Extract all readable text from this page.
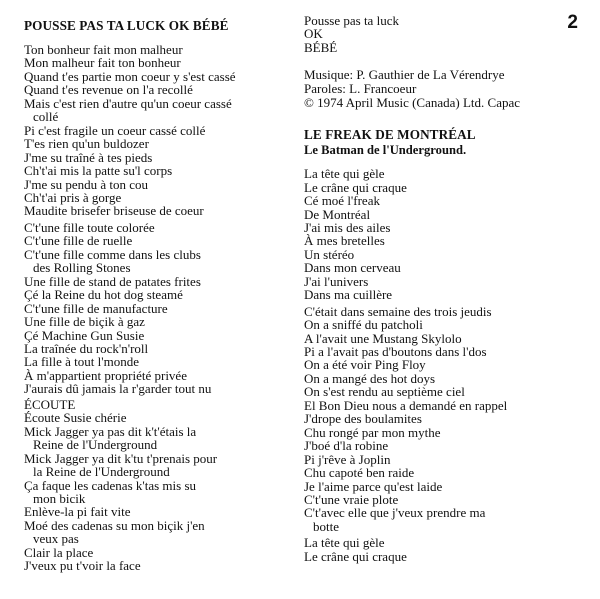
2
POUSSE PAS TA LUCK OK BÉBÉ
Ton bonheur fait mon malheur
Mon malheur fait ton bonheur
Quand t'es partie mon coeur y s'est cassé
Quand t'es revenue on l'a recollé
Mais c'est rien d'autre qu'un coeur cassé
collé
Pi c'est fragile un coeur cassé collé
T'es rien qu'un buldozer
J'me su traîné à tes pieds
Ch't'ai mis la patte su'l corps
J'me su pendu à ton cou
Ch't'ai pris à gorge
Maudite brisefer briseuse de coeur
C't'une fille toute colorée
C't'une fille de ruelle
C't'une fille comme dans les clubs
des Rolling Stones
Une fille de stand de patates frites
Çé la Reine du hot dog steamé
C't'une fille de manufacture
Une fille de biçik à gaz
Çé Machine Gun Susie
La traînée du rock'n'roll
La fille à tout l'monde
À m'appartient propriété privée
J'aurais dû jamais la r'garder tout nu
ÉCOUTE
Écoute Susie chérie
Mick Jagger ya pas dit k't'étais la
Reine de l'Underground
Mick Jagger ya dit k'tu t'prenais pour
la Reine de l'Underground
Ça faque les cadenas k'tas mis su
mon bicik
Enlève-la pi fait vite
Moé des cadenas su mon biçik j'en
veux pas
Clair la place
J'veux pu t'voir la face
Pousse pas ta luck
OK
BÉBÉ
Musique: P. Gauthier de La Vérendrye
Paroles: L. Francoeur
© 1974 April Music (Canada) Ltd. Capac
LE FREAK DE MONTRÉAL
Le Batman de l'Underground.
La tête qui gèle
Le crâne qui craque
Cé moé l'freak
De Montréal
J'ai mis des ailes
À mes bretelles
Un stéréo
Dans mon cerveau
J'ai l'univers
Dans ma cuillère
C'était dans semaine des trois jeudis
On a sniffé du patcholi
A l'avait une Mustang Skylolo
Pi a l'avait pas d'boutons dans l'dos
On a été voir Ping Floy
On a mangé des hot doys
On s'est rendu au septième ciel
El Bon Dieu nous a demandé en rappel
J'drope des boulamites
Chu rongé par mon mythe
J'boé d'la robine
Pi j'rêve à Joplin
Chu capoté ben raide
Je l'aime parce qu'est laide
C't'une vraie plote
C't'avec elle que j'veux prendre ma
botte
La tête qui gèle
Le crâne qui craque
